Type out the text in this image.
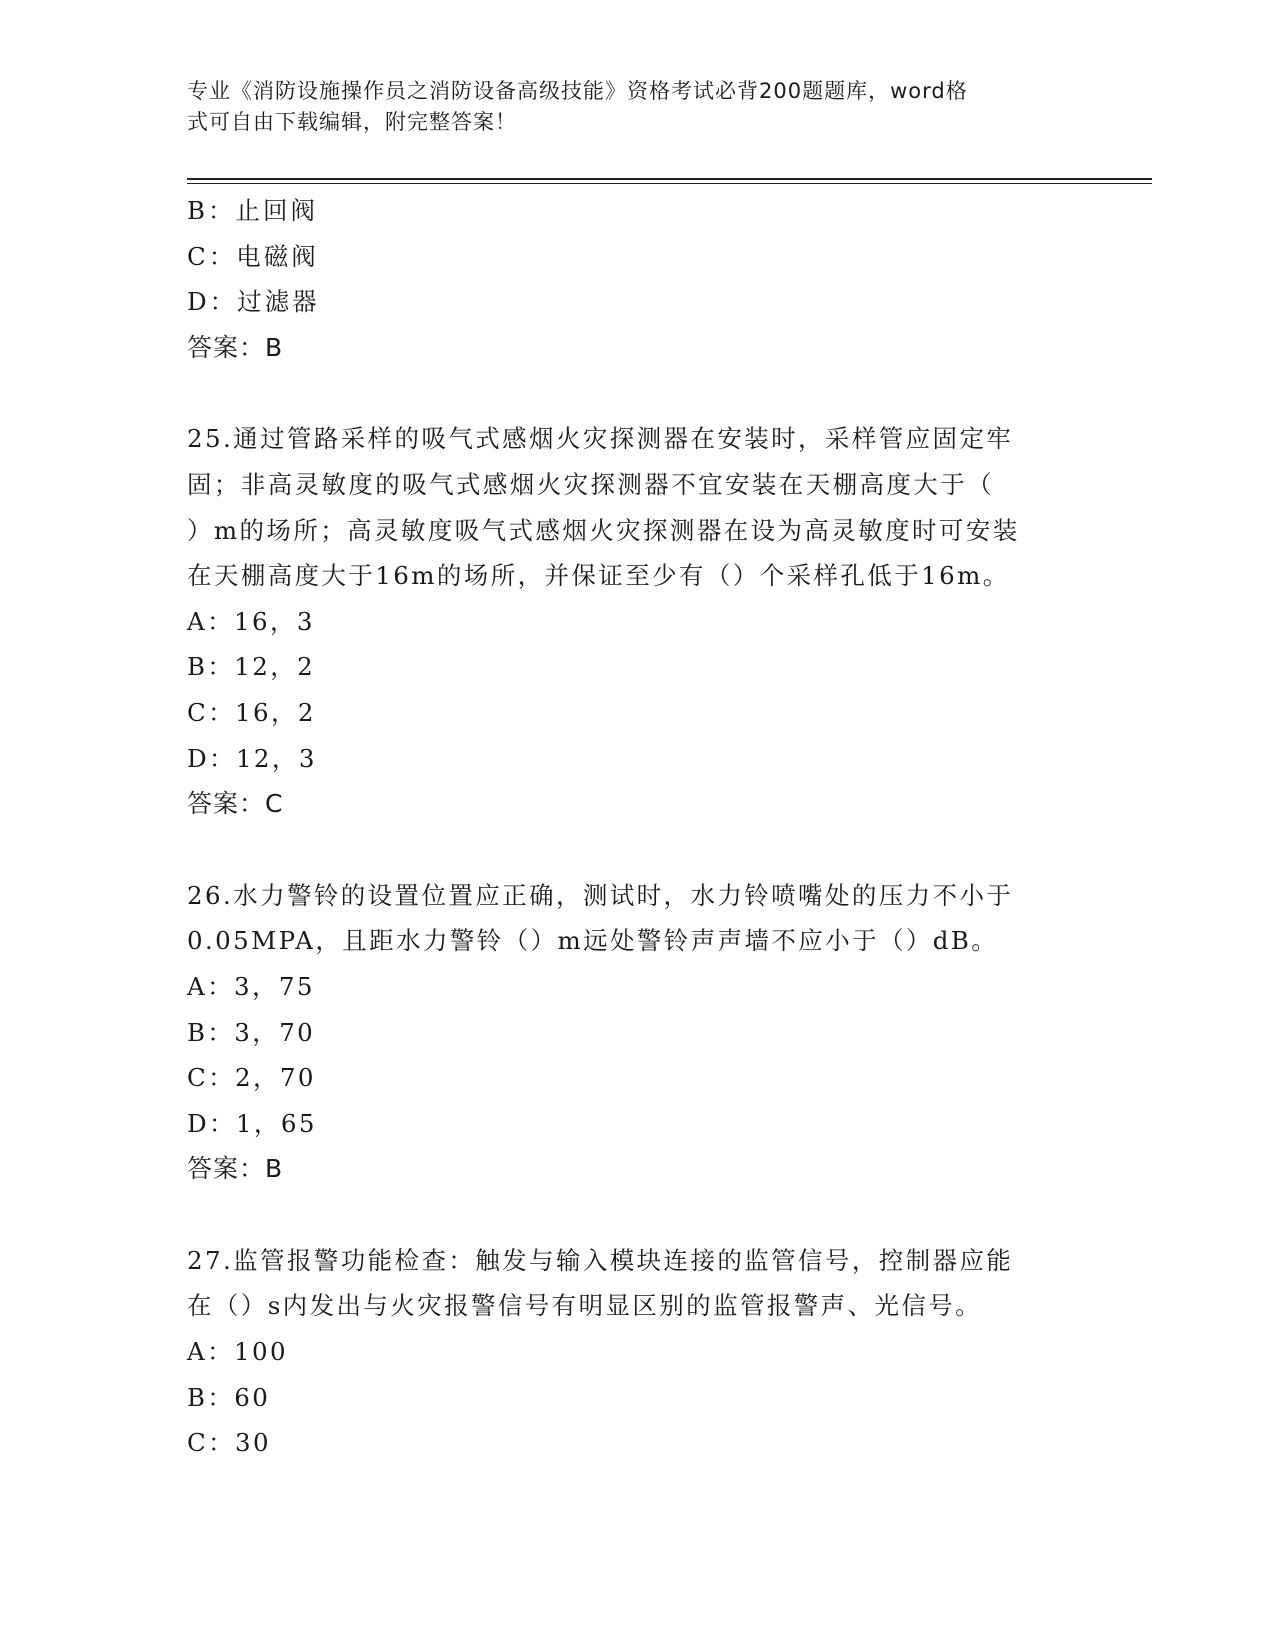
专业《消防设施操作员之消防设备高级技能》资格考试必背200题题库，word格
式可自由下载编辑，附完整答案！
B：止回阀
C：电磁阀
D：过滤器
答案：B
25.通过管路采样的吸气式感烟火灾探测器在安装时，采样管应固定牢
固；非高灵敏度的吸气式感烟火灾探测器不宜安装在天棚高度大于（
）m的场所；高灵敏度吸气式感烟火灾探测器在设为高灵敏度时可安装
在天棚高度大于16m的场所，并保证至少有（）个采样孔低于16m。
A：16，3
B：12，2
C：16，2
D：12，3
答案：C
26.水力警铃的设置位置应正确，测试时，水力铃喷嘴处的压力不小于
0.05MPA，且距水力警铃（）m远处警铃声声墙不应小于（）dB。
A：3，75
B：3，70
C：2，70
D：1，65
答案：B
27.监管报警功能检查：触发与输入模块连接的监管信号，控制器应能
在（）s内发出与火灾报警信号有明显区别的监管报警声、光信号。
A：100
B：60
C：30
